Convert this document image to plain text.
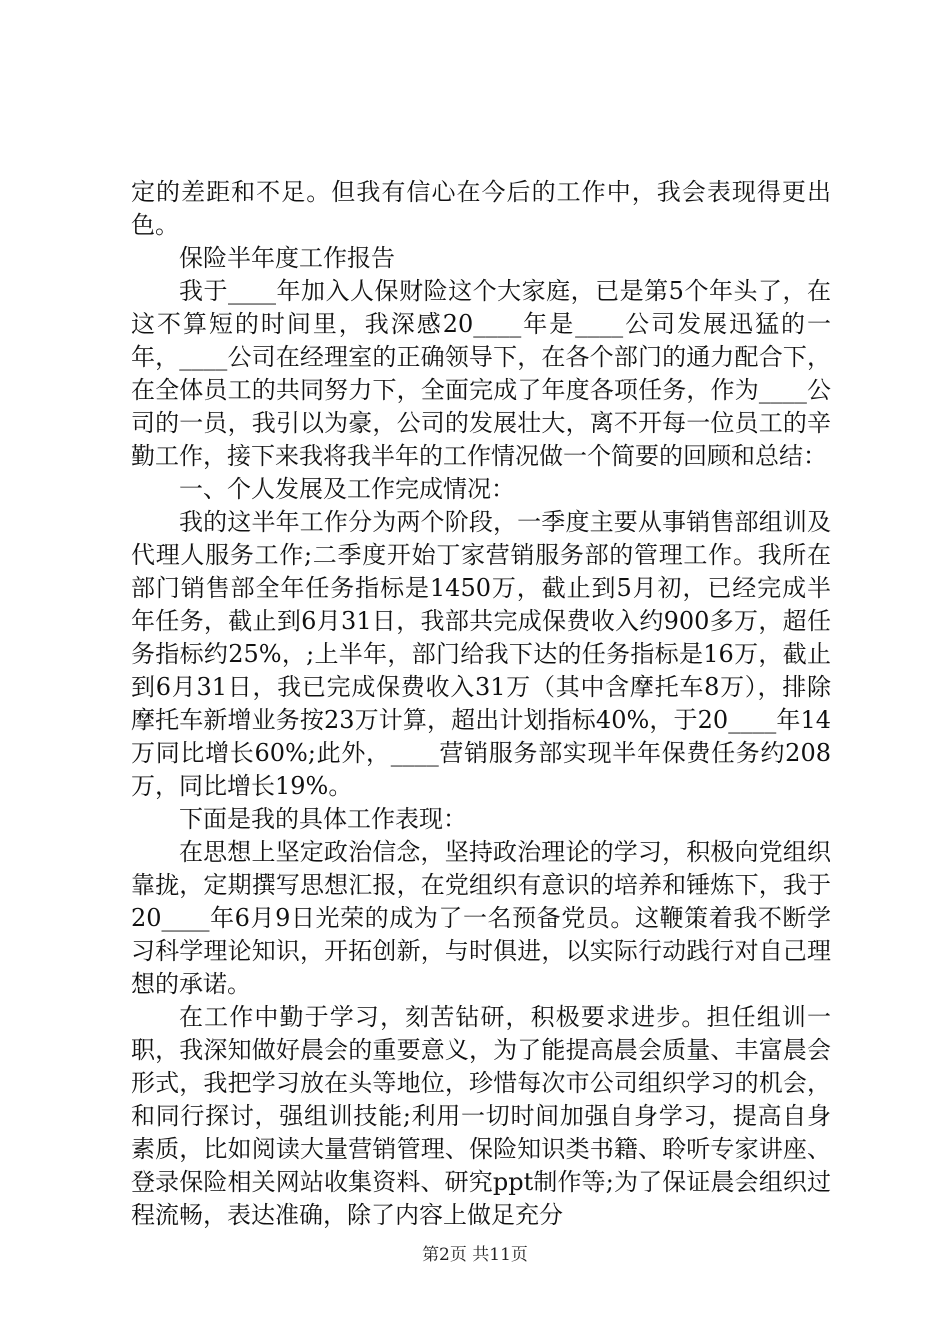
定的差距和不足。但我有信心在今后的工作中，我会表现得更出色。

保险半年度工作报告

我于____年加入人保财险这个大家庭，已是第5个年头了，在这不算短的时间里，我深感20____年是____公司发展迅猛的一年，____公司在经理室的正确领导下，在各个部门的通力配合下，在全体员工的共同努力下，全面完成了年度各项任务，作为____公司的一员，我引以为豪，公司的发展壮大，离不开每一位员工的辛勤工作，接下来我将我半年的工作情况做一个简要的回顾和总结：

一、个人发展及工作完成情况：

我的这半年工作分为两个阶段，一季度主要从事销售部组训及代理人服务工作;二季度开始丁家营销服务部的管理工作。我所在部门销售部全年任务指标是1450万，截止到5月初，已经完成半年任务，截止到6月31日，我部共完成保费收入约900多万，超任务指标约25%，;上半年，部门给我下达的任务指标是16万，截止到6月31日，我已完成保费收入31万（其中含摩托车8万），排除摩托车新增业务按23万计算，超出计划指标40%，于20____年14万同比增长60%;此外，____营销服务部实现半年保费任务约208万，同比增长19%。

下面是我的具体工作表现：

在思想上坚定政治信念，坚持政治理论的学习，积极向党组织靠拢，定期撰写思想汇报，在党组织有意识的培养和锤炼下，我于20____年6月9日光荣的成为了一名预备党员。这鞭策着我不断学习科学理论知识，开拓创新，与时俱进，以实际行动践行对自己理想的承诺。

在工作中勤于学习，刻苦钻研，积极要求进步。担任组训一职，我深知做好晨会的重要意义，为了能提高晨会质量、丰富晨会形式，我把学习放在头等地位，珍惜每次市公司组织学习的机会，和同行探讨，强组训技能;利用一切时间加强自身学习，提高自身素质，比如阅读大量营销管理、保险知识类书籍、聆听专家讲座、登录保险相关网站收集资料、研究ppt制作等;为了保证晨会组织过程流畅，表达准确，除了内容上做足充分

第2页 共11页
